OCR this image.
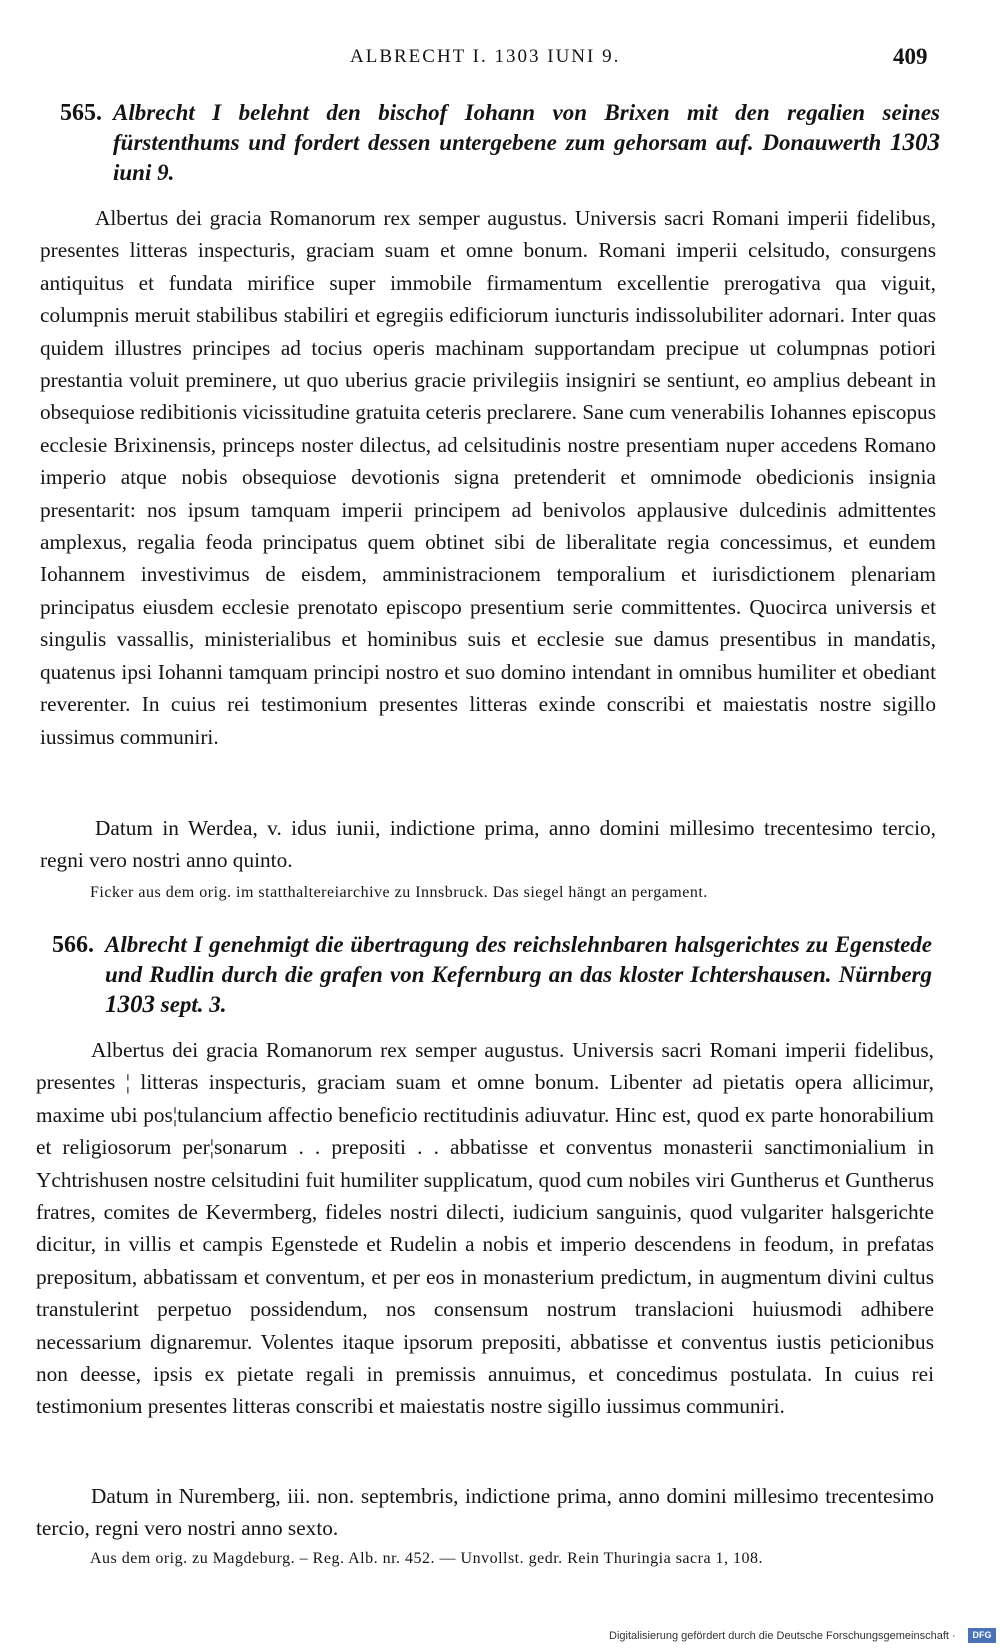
ALBRECHT I. 1303 IUNI 9.	409
565. Albrecht I belehnt den bischof Iohann von Brixen mit den regalien seines fürstenthums und fordert dessen untergebene zum gehorsam auf. Donauwerth 1303 iuni 9.
Albertus dei gracia Romanorum rex semper augustus. Universis sacri Romani imperii fidelibus, presentes litteras inspecturis, graciam suam et omne bonum. Romani imperii celsitudo, consurgens antiquitus et fundata mirifice super immobile firmamentum excellentie prerogativa qua viguit, columpnis meruit stabilibus stabiliri et egregiis edificiorum iuncturis indissolubiliter adornari. Inter quas quidem illustres principes ad tocius operis machinam supportandam precipue ut columpnas potiori prestantia voluit preminere, ut quo uberius gracie privilegiis insigniri se sentiunt, eo amplius debeant in obsequiose redibitionis vicissitudine gratuita ceteris preclarere. Sane cum venerabilis Iohannes episcopus ecclesie Brixinensis, princeps noster dilectus, ad celsitudinis nostre presentiam nuper accedens Romano imperio atque nobis obsequiose devotionis signa pretenderit et omnimode obedicionis insignia presentarit: nos ipsum tamquam imperii principem ad benivolos applausive dulcedinis admittentes amplexus, regalia feoda principatus quem obtinet sibi de liberalitate regia concessimus, et eundem Iohannem investivimus de eisdem, amministracionem temporalium et iurisdictionem plenariam principatus eiusdem ecclesie prenotato episcopo presentium serie committentes. Quocirca universis et singulis vassallis, ministerialibus et hominibus suis et ecclesie sue damus presentibus in mandatis, quatenus ipsi Iohanni tamquam principi nostro et suo domino intendant in omnibus humiliter et obediant reverenter. In cuius rei testimonium presentes litteras exinde conscribi et maiestatis nostre sigillo iussimus communiri.
Datum in Werdea, v. idus iunii, indictione prima, anno domini millesimo trecentesimo tercio, regni vero nostri anno quinto.
Ficker aus dem orig. im statthaltereiarchive zu Innsbruck. Das siegel hängt an pergament.
566. Albrecht I genehmigt die übertragung des reichslehnbaren halsgerichtes zu Egenstede und Rudlin durch die grafen von Kefernburg an das kloster Ichtershausen. Nürnberg 1303 sept. 3.
Albertus dei gracia Romanorum rex semper augustus. Universis sacri Romani imperii fidelibus, presentes ¦ litteras inspecturis, graciam suam et omne bonum. Libenter ad pietatis opera allicimur, maxime ubi pos¦tulancium affectio beneficio rectitudinis adiuvatur. Hinc est, quod ex parte honorabilium et religiosorum per¦sonarum . . prepositi . . abbatisse et conventus monasterii sanctimonialium in Ychtrishusen nostre celsitudini fuit humiliter supplicatum, quod cum nobiles viri Guntherus et Guntherus fratres, comites de Kevermberg, fideles nostri dilecti, iudicium sanguinis, quod vulgariter halsgerichte dicitur, in villis et campis Egenstede et Rudelin a nobis et imperio descendens in feodum, in prefatas prepositum, abbatissam et conventum, et per eos in monasterium predictum, in augmentum divini cultus transtulerint perpetuo possidendum, nos consensum nostrum translacioni huiusmodi adhibere necessarium dignaremur. Volentes itaque ipsorum prepositi, abbatisse et conventus iustis peticionibus non deesse, ipsis ex pietate regali in premissis annuimus, et concedimus postulata. In cuius rei testimonium presentes litteras conscribi et maiestatis nostre sigillo iussimus communiri.
Datum in Nuremberg, iii. non. septembris, indictione prima, anno domini millesimo trecentesimo tercio, regni vero nostri anno sexto.
Aus dem orig. zu Magdeburg. – Reg. Alb. nr. 452. — Unvollst. gedr. Rein Thuringia sacra 1, 108.
Digitalisierung gefördert durch die Deutsche Forschungsgemeinschaft ·	DFG
